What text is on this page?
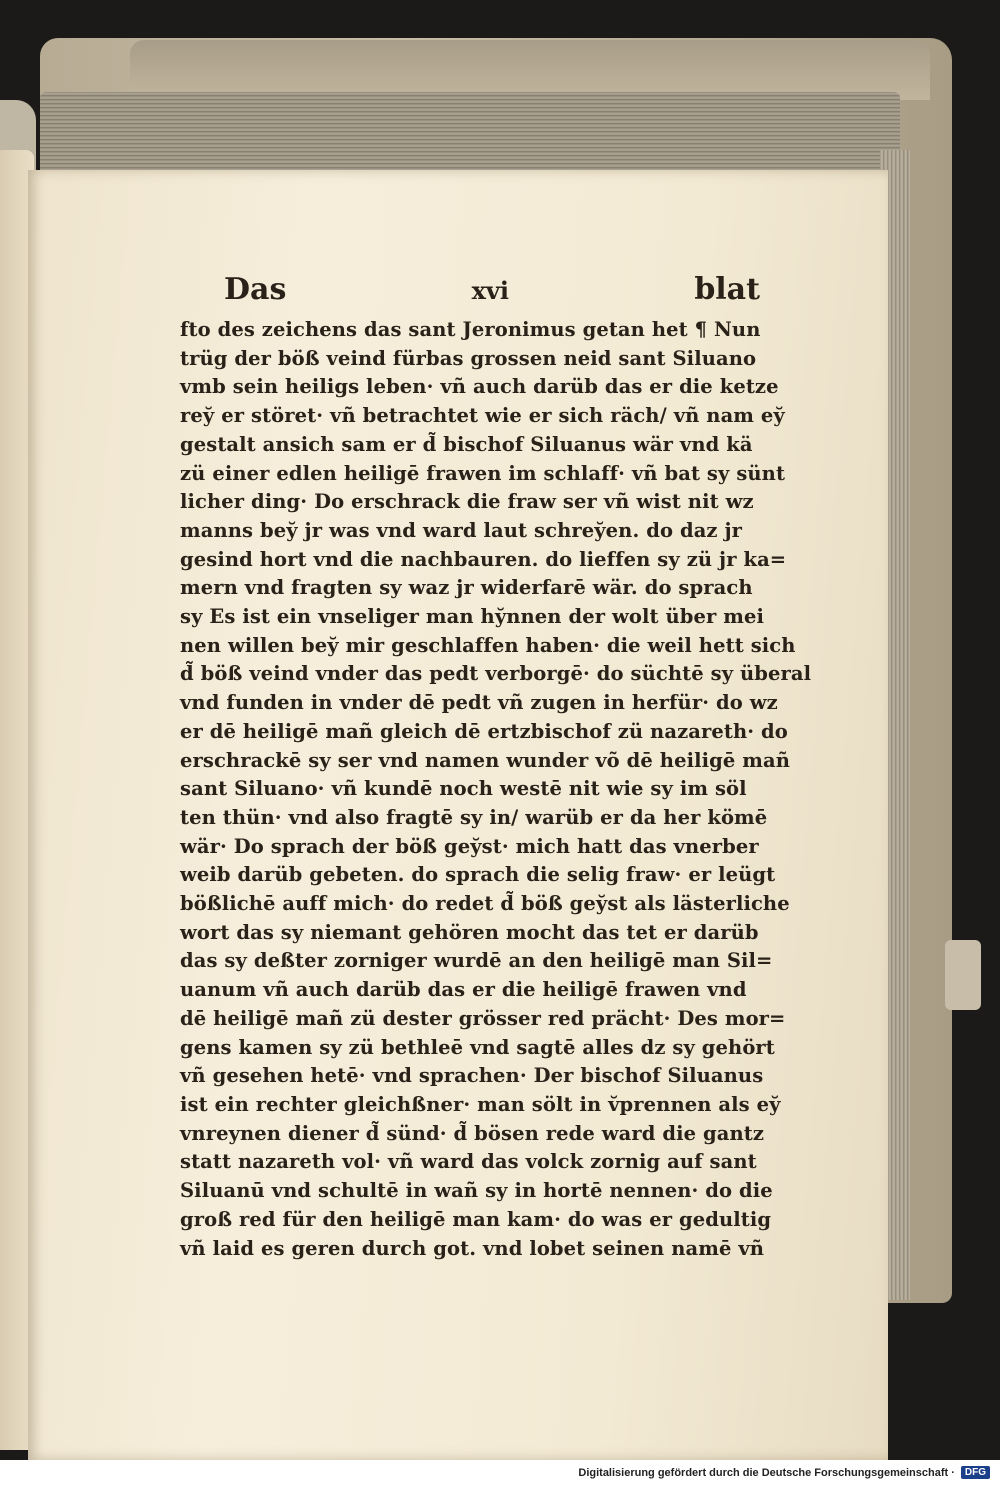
Das	xvi	blat
fto des zeichens das sant Jeronimus getan het ¶ Nun
trüg der böß veind fürbas grossen neid sant Siluano
vmb sein heiligs leben· vñ auch darüb das er die ketze
rey̆ er störet· vñ betrachtet wie er sich räch/ vñ nam ey̆
gestalt ansich sam er d̃ bischof Siluanus wär vnd kä
zü einer edlen heiligē frawen im schlaff· vñ bat sy sünt
licher ding· Do erschrack die fraw ser vñ wist nit wz
manns bey̆ jr was vnd ward laut schrey̆en. do daz jr
gesind hort vnd die nachbauren. do lieffen sy zü jr ka=
mern vnd fragten sy waz jr widerfarē wär. do sprach
sy Es ist ein vnseliger man hy̆nnen der wolt über mei
nen willen bey̆ mir geschlaffen haben· die weil hett sich
d̃ böß veind vnder das pedt verborgē· do süchtē sy überal
vnd funden in vnder dē pedt vñ zugen in herfür· do wz
er dē heiligē mañ gleich dē ertzbischof zü nazareth· do
erschrackē sy ser vnd namen wunder võ dē heiligē mañ
sant Siluano· vñ kundē noch westē nit wie sy im söl
ten thün· vnd also fragtē sy in/ warüb er da her kömē
wär· Do sprach der böß gey̆st· mich hatt das vnerber
weib darüb gebeten. do sprach die selig fraw· er leügt
bößlichē auff mich· do redet d̃ böß gey̆st als lästerliche
wort das sy niemant gehören mocht das tet er darüb
das sy deßter zorniger wurdē an den heiligē man Sil=
uanum vñ auch darüb das er die heiligē frawen vnd
dē heiligē mañ zü dester grösser red prächt· Des mor=
gens kamen sy zü bethleē vnd sagtē alles dz sy gehört
vñ gesehen hetē· vnd sprachen· Der bischof Siluanus
ist ein rechter gleichßner· man sölt in v̆prennen als ey̆
vnreynen diener d̃ sünd· d̃ bösen rede ward die gantz
statt nazareth vol· vñ ward das volck zornig auf sant
Siluanū vnd schultē in wañ sy in hortē nennen· do die
groß red für den heiligē man kam· do was er gedultig
vñ laid es geren durch got. vnd lobet seinen namē vñ
Digitalisierung gefördert durch die Deutsche Forschungsgemeinschaft ·	DFG
